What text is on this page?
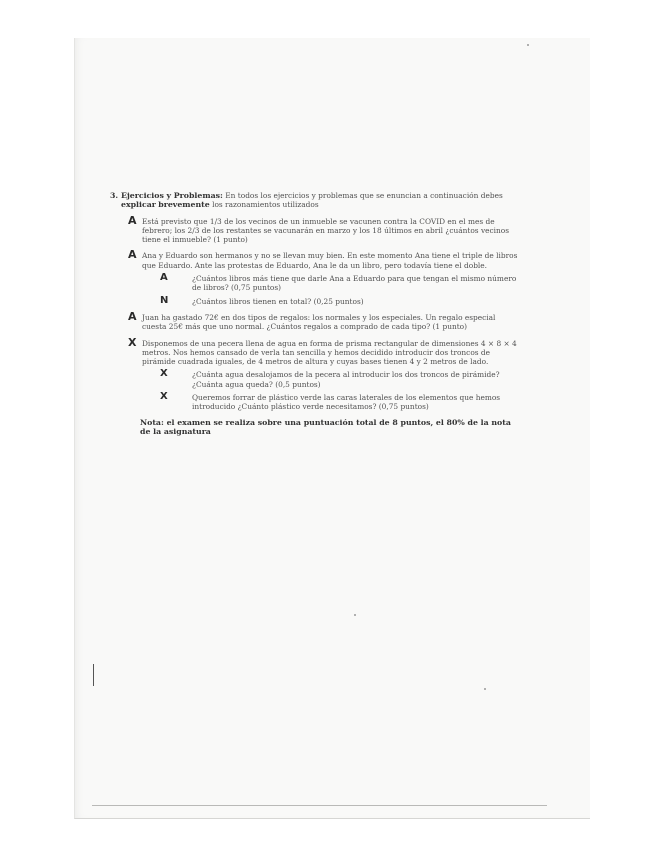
3. Ejercicios y Problemas: En todos los ejercicios y problemas que se enuncian a continuación debes explicar brevemente los razonamientos utilizados
A Está previsto que 1/3 de los vecinos de un inmueble se vacunen contra la COVID en el mes de febrero; los 2/3 de los restantes se vacunarán en marzo y los 18 últimos en abril ¿cuántos vecinos tiene el inmueble? (1 punto)

A Ana y Eduardo son hermanos y no se llevan muy bien. En este momento Ana tiene el triple de libros que Eduardo. Ante las protestas de Eduardo, Ana le da un libro, pero todavía tiene el doble.

A	¿Cuántos libros más tiene que darle Ana a Eduardo para que tengan el mismo número de libros? (0,75 puntos)

N	¿Cuántos libros tienen en total? (0,25 puntos)

A Juan ha gastado 72€ en dos tipos de regalos: los normales y los especiales. Un regalo especial cuesta 25€ más que uno normal. ¿Cuántos regalos a comprado de cada tipo? (1 punto)

X Disponemos de una pecera llena de agua en forma de prisma rectangular de dimensiones 4 × 8 × 4 metros. Nos hemos cansado de verla tan sencilla y hemos decidido introducir dos troncos de pirámide cuadrada iguales, de 4 metros de altura y cuyas bases tienen 4 y 2 metros de lado.

X	¿Cuánta agua desalojamos de la pecera al introducir los dos troncos de pirámide? ¿Cuánta agua queda? (0,5 puntos)

X	Queremos forrar de plástico verde las caras laterales de los elementos que hemos introducido ¿Cuánto plástico verde necesitamos? (0,75 puntos)

Nota: el examen se realiza sobre una puntuación total de 8 puntos, el 80% de la nota de la asignatura
